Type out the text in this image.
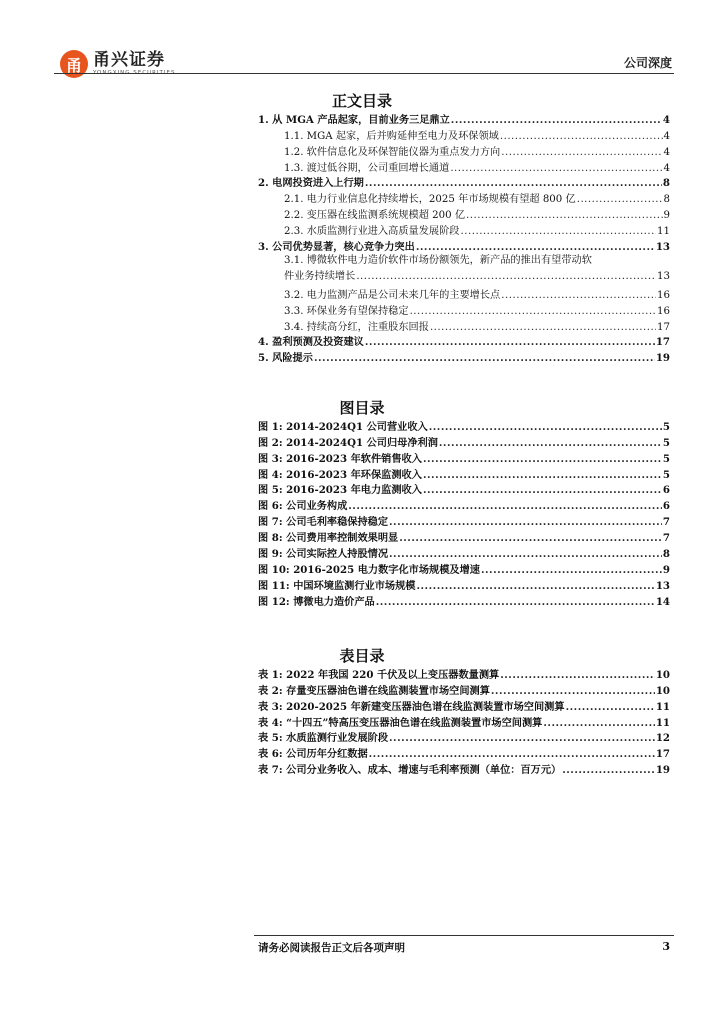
甬 甬兴证券
YONGXING SECURITIES
公司深度
正文目录
1. 从 MGA 产品起家，目前业务三足鼎立 .....	4
1.1. MGA 起家，后并购延伸至电力及环保领域 .....	4
1.2. 软件信息化及环保智能仪器为重点发力方向 .....	4
1.3. 渡过低谷期，公司重回增长通道 .....	4
2. 电网投资进入上行期 .....	8
2.1. 电力行业信息化持续增长，2025 年市场规模有望超 800 亿 .....	8
2.2. 变压器在线监测系统规模超 200 亿 .....	9
2.3. 水质监测行业进入高质量发展阶段 .....	11
3. 公司优势显著，核心竞争力突出 .....	13
3.1. 博微软件电力造价软件市场份额领先，新产品的推出有望带动软
件业务持续增长 .....	13
3.2. 电力监测产品是公司未来几年的主要增长点 .....	16
3.3. 环保业务有望保持稳定 .....	16
3.4. 持续高分红，注重股东回报 .....	17
4. 盈利预测及投资建议 .....	17
5. 风险提示 .....	19
图目录
图 1: 2014-2024Q1 公司营业收入 .....	5
图 2: 2014-2024Q1 公司归母净利润 .....	5
图 3: 2016-2023 年软件销售收入 .....	5
图 4: 2016-2023 年环保监测收入 .....	5
图 5: 2016-2023 年电力监测收入 .....	6
图 6: 公司业务构成 .....	6
图 7: 公司毛利率稳保持稳定 .....	7
图 8: 公司费用率控制效果明显 .....	7
图 9: 公司实际控人持股情况 .....	8
图 10: 2016-2025 电力数字化市场规模及增速 .....	9
图 11: 中国环境监测行业市场规模 .....	13
图 12: 博微电力造价产品 .....	14
表目录
表 1: 2022 年我国 220 千伏及以上变压器数量测算 .....	10
表 2: 存量变压器油色谱在线监测装置市场空间测算 .....	10
表 3: 2020-2025 年新建变压器油色谱在线监测装置市场空间测算 .....	11
表 4: “十四五”特高压变压器油色谱在线监测装置市场空间测算 .....	11
表 5: 水质监测行业发展阶段 .....	12
表 6: 公司历年分红数据 .....	17
表 7: 公司分业务收入、成本、增速与毛利率预测（单位：百万元） .....	19
请务必阅读报告正文后各项声明	3
